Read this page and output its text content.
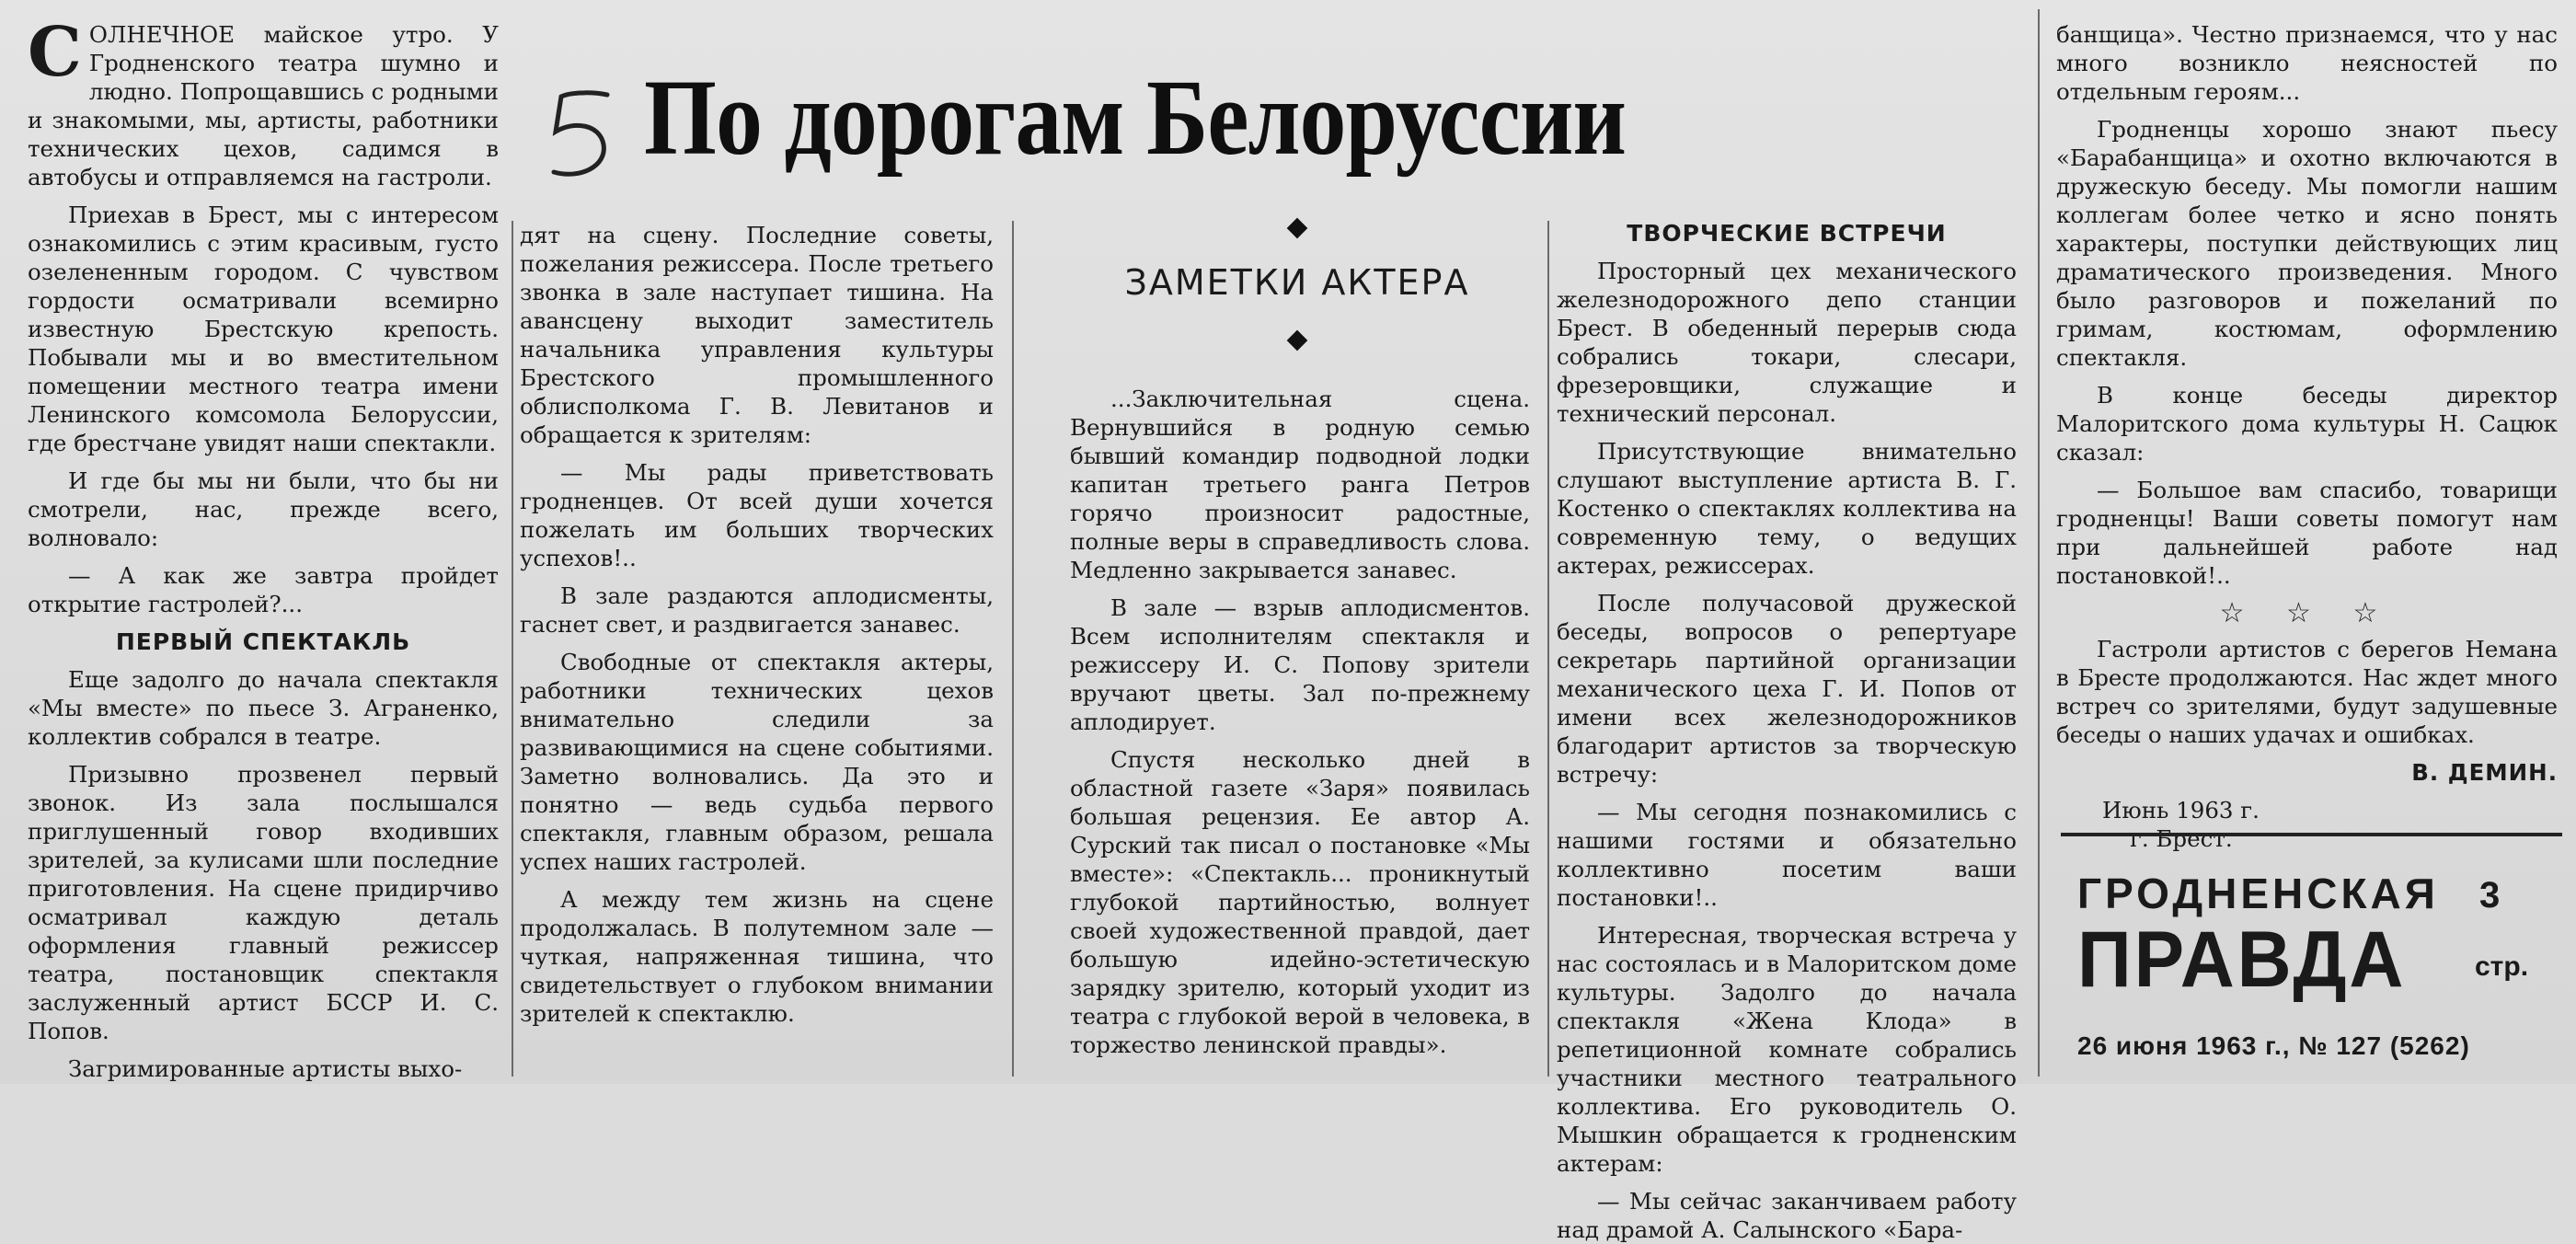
СОЛНЕЧНОЕ майское утро. У Гродненского театра шумно и людно. Попрощавшись с родными и знакомыми, мы, артисты, работники технических цехов, садимся в автобусы и отправляемся на гастроли.

Приехав в Брест, мы с интересом ознакомились с этим красивым, густо озелененным городом. С чувством гордости осматривали всемирно известную Брестскую крепость. Побывали мы и во вместительном помещении местного театра имени Ленинского комсомола Белоруссии, где брестчане увидят наши спектакли.

И где бы мы ни были, что бы ни смотрели, нас, прежде всего, волновало:

— А как же завтра пройдет открытие гастролей?...

ПЕРВЫЙ СПЕКТАКЛЬ

Еще задолго до начала спектакля «Мы вместе» по пьесе З. Аграненко, коллектив собрался в театре.

Призывно прозвенел первый звонок. Из зала послышался приглушенный говор входивших зрителей, за кулисами шли последние приготовления. На сцене придирчиво осматривал каждую деталь оформления главный режиссер театра, постановщик спектакля заслуженный артист БССР И. С. Попов.

Загримированные артисты выхо-

По дорогам Белоруссии

дят на сцену. Последние советы, пожелания режиссера. После третьего звонка в зале наступает тишина. На авансцену выходит заместитель начальника управления культуры Брестского промышленного облисполкома Г. В. Левитанов и обращается к зрителям:

— Мы рады приветствовать гродненцев. От всей души хочется пожелать им больших творческих успехов!..

В зале раздаются аплодисменты, гаснет свет, и раздвигается занавес.

Свободные от спектакля актеры, работники технических цехов внимательно следили за развивающимися на сцене событиями. Заметно волновались. Да это и понятно — ведь судьба первого спектакля, главным образом, решала успех наших гастролей.

А между тем жизнь на сцене продолжалась. В полутемном зале — чуткая, напряженная тишина, что свидетельствует о глубоком внимании зрителей к спектаклю.

ЗАМЕТКИ АКТЕРА

...Заключительная сцена. Вернувшийся в родную семью бывший командир подводной лодки капитан третьего ранга Петров горячо произносит радостные, полные веры в справедливость слова. Медленно закрывается занавес.

В зале — взрыв аплодисментов. Всем исполнителям спектакля и режиссеру И. С. Попову зрители вручают цветы. Зал по-прежнему аплодирует.

Спустя несколько дней в областной газете «Заря» появилась большая рецензия. Ее автор А. Сурский так писал о постановке «Мы вместе»: «Спектакль... проникнутый глубокой партийностью, волнует своей художественной правдой, дает большую идейно-эстетическую зарядку зрителю, который уходит из театра с глубокой верой в человека, в торжество ленинской правды».

ТВОРЧЕСКИЕ ВСТРЕЧИ

Просторный цех механического железнодорожного депо станции Брест. В обеденный перерыв сюда собрались токари, слесари, фрезеровщики, служащие и технический персонал.

Присутствующие внимательно слушают выступление артиста В. Г. Костенко о спектаклях коллектива на современную тему, о ведущих актерах, режиссерах.

После получасовой дружеской беседы, вопросов о репертуаре секретарь партийной организации механического цеха Г. И. Попов от имени всех железнодорожников благодарит артистов за творческую встречу:

— Мы сегодня познакомились с нашими гостями и обязательно коллективно посетим ваши постановки!..

Интересная, творческая встреча у нас состоялась и в Малоритском доме культуры. Задолго до начала спектакля «Жена Клода» в репетиционной комнате собрались участники местного театрального коллектива. Его руководитель О. Мышкин обращается к гродненским актерам:

— Мы сейчас заканчиваем работу над драмой А. Салынского «Бара-

банщица». Честно признаемся, что у нас много возникло неясностей по отдельным героям...

Гродненцы хорошо знают пьесу «Барабанщица» и охотно включаются в дружескую беседу. Мы помогли нашим коллегам более четко и ясно понять характеры, поступки действующих лиц драматического произведения. Много было разговоров и пожеланий по гримам, костюмам, оформлению спектакля.

В конце беседы директор Малоритского дома культуры Н. Сацюк сказал:

— Большое вам спасибо, товарищи гродненцы! Ваши советы помогут нам при дальнейшей работе над постановкой!..

☆ ☆ ☆

Гастроли артистов с берегов Немана в Бресте продолжаются. Нас ждет много встреч со зрителями, будут задушевные беседы о наших удачах и ошибках.

В. ДЕМИН.
Июнь 1963 г.
г. Брест.
ГРОДНЕНСКАЯ 3
ПРАВДА стр.
26 июня 1963 г., № 127 (5262)
